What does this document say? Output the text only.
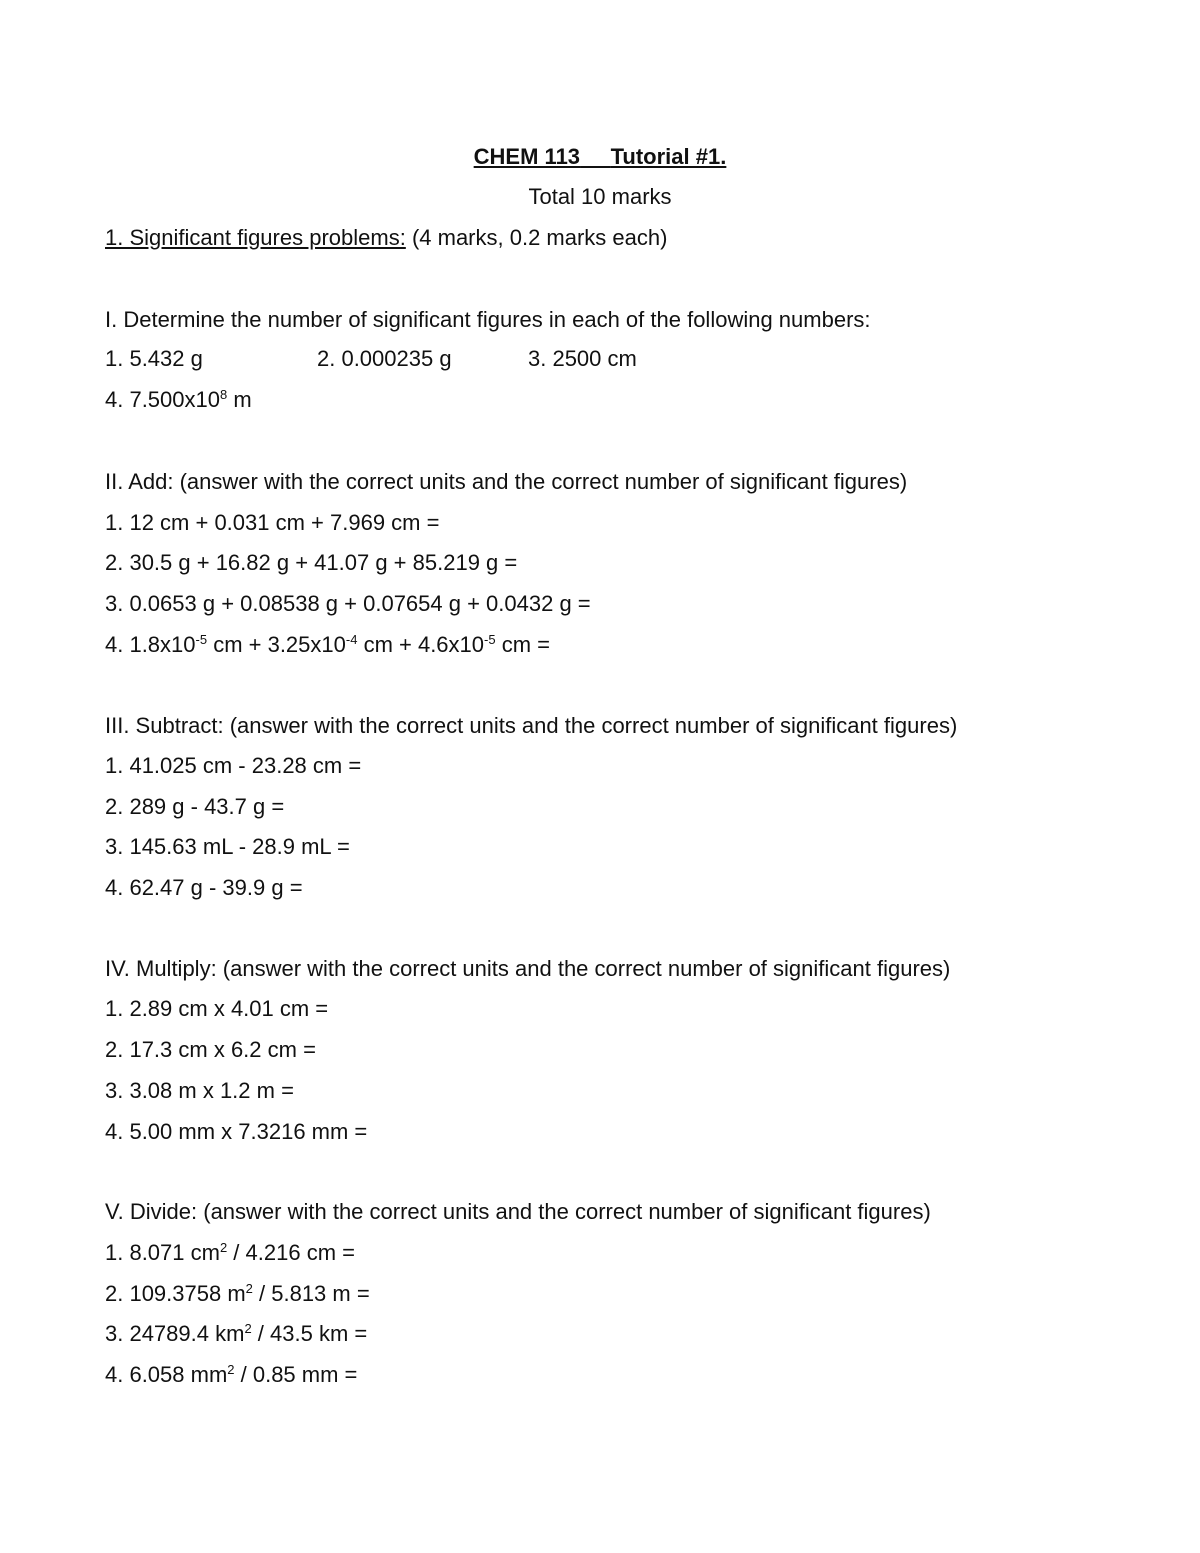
CHEM 113 Tutorial #1.
Total 10 marks
1. Significant figures problems: (4 marks, 0.2 marks each)
I. Determine the number of significant figures in each of the following numbers:
1. 5.432 g	2. 0.000235 g	3. 2500 cm
4. $7.500x10^8$ m
II. Add: (answer with the correct units and the correct number of significant figures)
1. 12 cm + 0.031 cm + 7.969 cm =
2. 30.5 g + 16.82 g + 41.07 g + 85.219 g =
3. 0.0653 g + 0.08538 g + 0.07654 g + 0.0432 g =
4. $1.8x10^{-5}$ cm + $3.25x10^{-4}$ cm + $4.6x10^{-5}$ cm =
III. Subtract: (answer with the correct units and the correct number of significant figures)
1. 41.025 cm - 23.28 cm =
2. 289 g - 43.7 g =
3. 145.63 mL - 28.9 mL =
4. 62.47 g - 39.9 g =
IV. Multiply: (answer with the correct units and the correct number of significant figures)
1. 2.89 cm x 4.01 cm =
2. 17.3 cm x 6.2 cm =
3. 3.08 m x 1.2 m =
4. 5.00 mm x 7.3216 mm =
V. Divide: (answer with the correct units and the correct number of significant figures)
1. 8.071 $cm^2 / 4.216$ cm =
2. 109.3758 $m^2 / 5.813$ m =
3. 24789.4 $km^2 / 43.5$ km =
4. 6.058 $mm^2 / 0.85$ mm =
